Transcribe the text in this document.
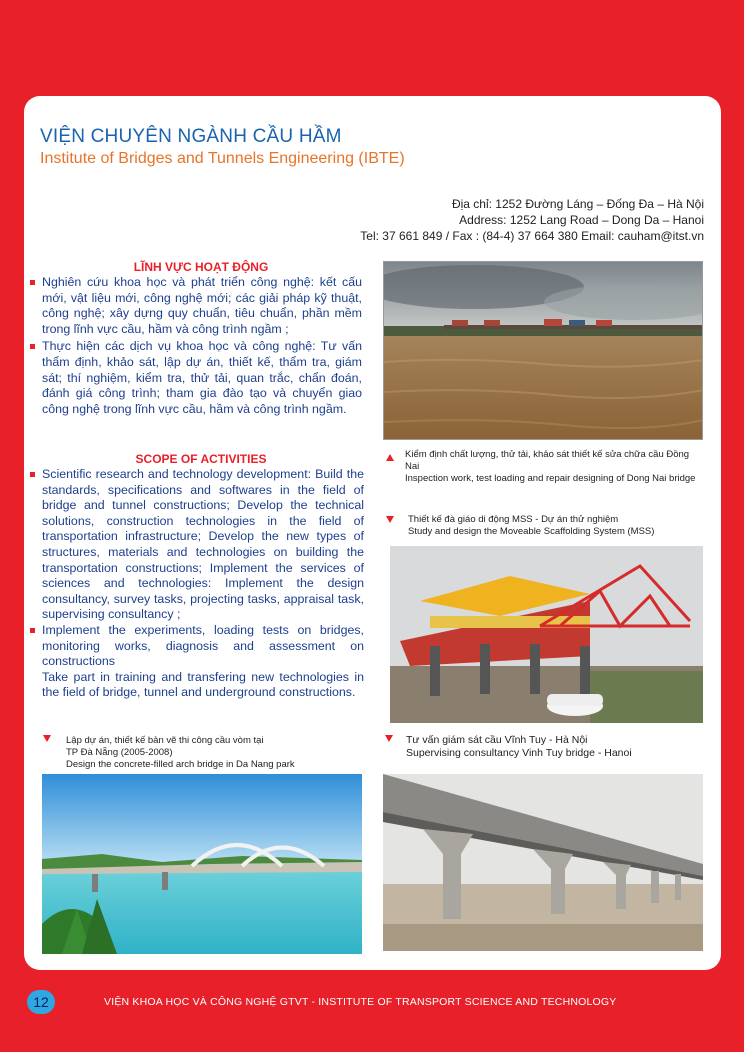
VIỆN CHUYÊN NGÀNH CẦU HẦM
Institute of Bridges and Tunnels Engineering (IBTE)
Địa chỉ: 1252 Đường Láng – Đống Đa – Hà Nội
Address: 1252 Lang Road – Dong Da – Hanoi
Tel: 37 661 849 / Fax : (84-4) 37 664 380 Email: cauham@itst.vn
LĨNH VỰC HOẠT ĐỘNG
Nghiên cứu khoa học và phát triển công nghệ: kết cấu mới, vật liệu mới, công nghệ mới; các giải pháp kỹ thuật, công nghệ; xây dựng quy chuẩn, tiêu chuẩn, phần mềm trong lĩnh vực cầu, hầm và công trình ngầm ;
Thực hiện các dịch vụ khoa học và công nghệ: Tư vấn thẩm định, khảo sát, lập dự án, thiết kế, thẩm tra, giám sát; thí nghiệm, kiểm tra, thử tải, quan trắc, chẩn đoán, đánh giá công trình; tham gia đào tạo và chuyển giao công nghệ trong lĩnh vực cầu, hầm và công trình ngầm.
SCOPE OF ACTIVITIES
Scientific research and technology development: Build the standards, specifications and softwares in the field of bridge and tunnel constructions; Develop the technical solutions, construction technologies in the field of transportation infrastructure; Develop the new types of structures, materials and technologies on building the transportation constructions; Implement the services of sciences and technologies: Implement the design consultancy, survey tasks, projecting tasks, appraisal task, supervising consultancy ;
Implement the experiments, loading tests on bridges, monitoring works, diagnosis and assessment on constructions
Take part in training and transfering new technologies in the field of bridge, tunnel and underground constructions.
Kiểm định chất lượng, thử tải, khảo sát thiết kế sửa chữa cầu Đồng Nai
Inspection work, test loading and repair designing of Dong Nai bridge
Thiết kế đà giáo di động MSS - Dự án thử nghiệm
Study and design the Moveable Scaffolding System (MSS)
Lập dự án, thiết kế bản vẽ thi công cầu vòm tại
TP Đà Nẵng (2005-2008)
Design the concrete-filled arch bridge in Da Nang park
Tư vấn giám sát cầu Vĩnh Tuy - Hà Nội
Supervising consultancy Vinh Tuy bridge - Hanoi
12	VIỆN KHOA HỌC VÀ CÔNG NGHỆ GTVT - INSTITUTE OF TRANSPORT SCIENCE AND TECHNOLOGY
